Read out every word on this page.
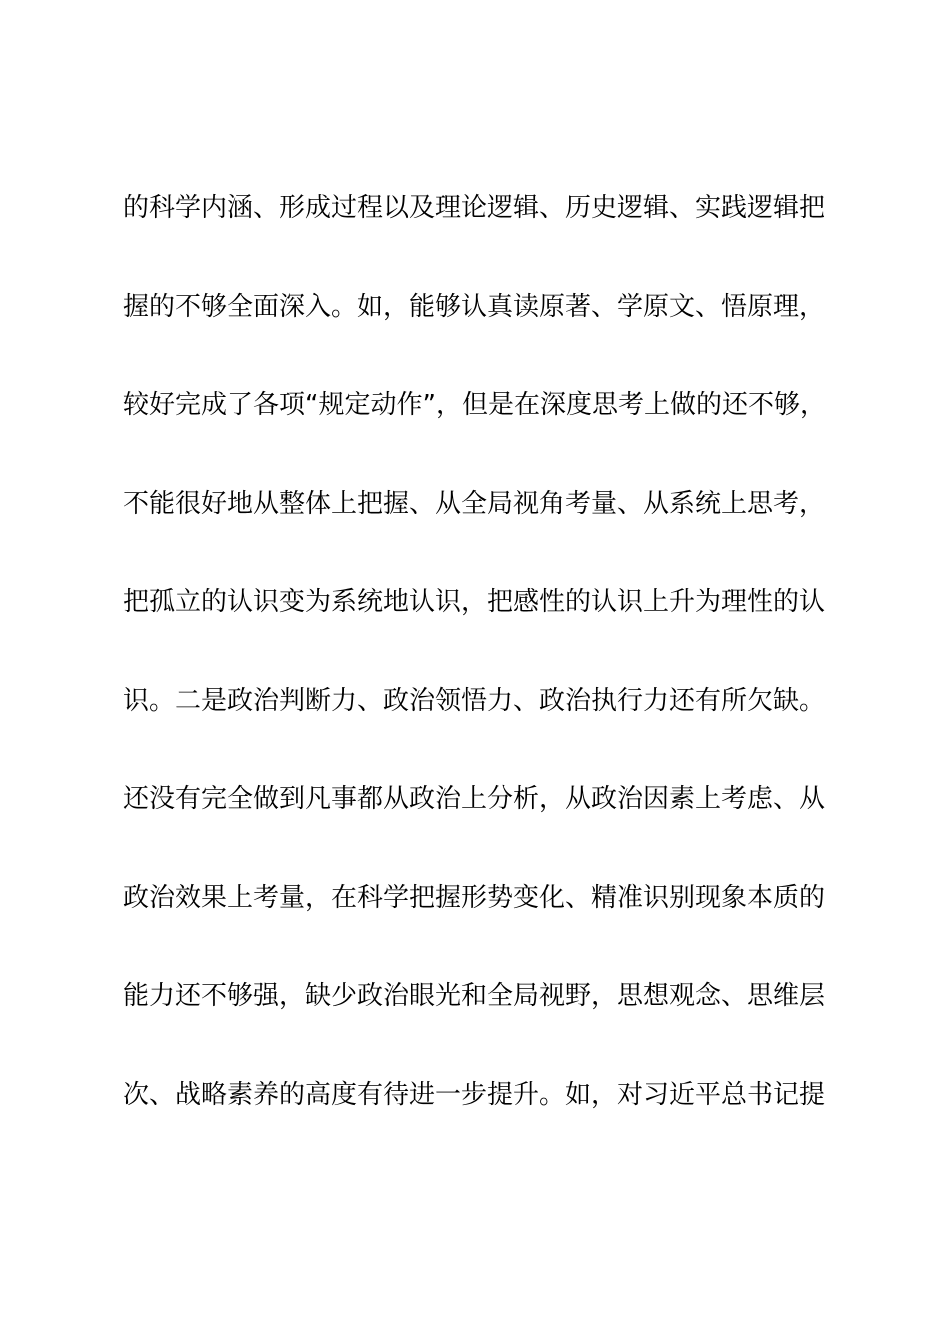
的科学内涵、形成过程以及理论逻辑、历史逻辑、实践逻辑把
握的不够全面深入。如，能够认真读原著、学原文、悟原理，
较好完成了各项“规定动作”，但是在深度思考上做的还不够，
不能很好地从整体上把握、从全局视角考量、从系统上思考，
把孤立的认识变为系统地认识，把感性的认识上升为理性的认
识。二是政治判断力、政治领悟力、政治执行力还有所欠缺。
还没有完全做到凡事都从政治上分析，从政治因素上考虑、从
政治效果上考量，在科学把握形势变化、精准识别现象本质的
能力还不够强，缺少政治眼光和全局视野，思想观念、思维层
次、战略素养的高度有待进一步提升。如，对习近平总书记提
